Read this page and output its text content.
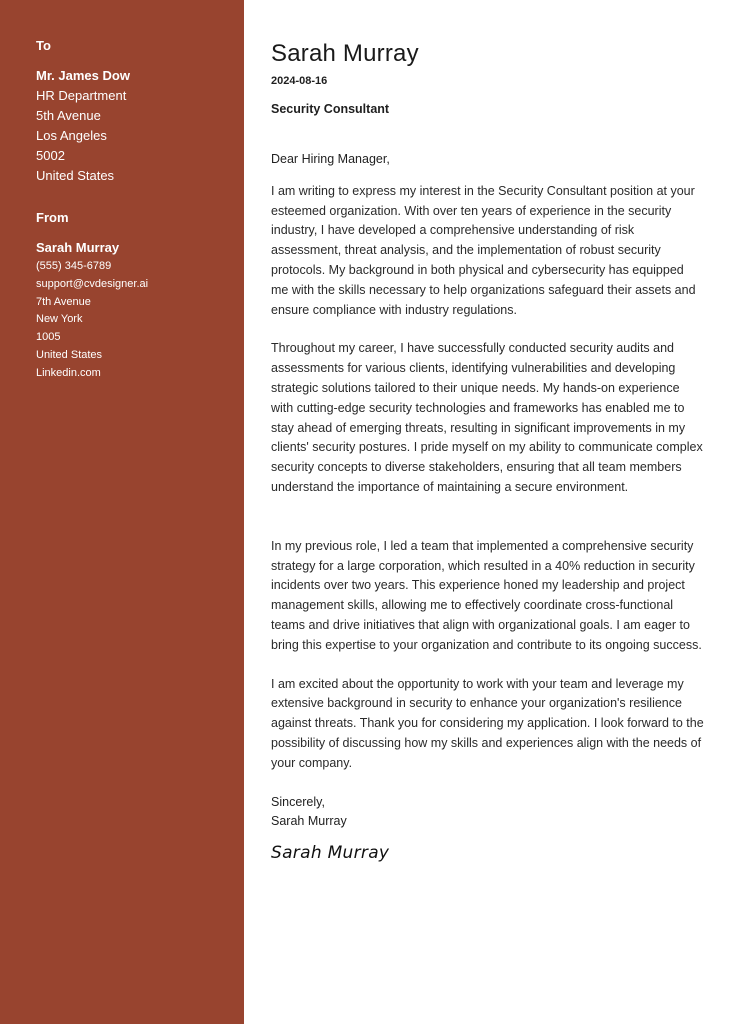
To
Mr. James Dow
HR Department
5th Avenue
Los Angeles
5002
United States
From
Sarah Murray
(555) 345-6789
support@cvdesigner.ai
7th Avenue
New York
1005
United States
Linkedin.com
Sarah Murray
2024-08-16
Security Consultant

Dear Hiring Manager,

I am writing to express my interest in the Security Consultant position at your esteemed organization. With over ten years of experience in the security industry, I have developed a comprehensive understanding of risk assessment, threat analysis, and the implementation of robust security protocols. My background in both physical and cybersecurity has equipped me with the skills necessary to help organizations safeguard their assets and ensure compliance with industry regulations.

Throughout my career, I have successfully conducted security audits and assessments for various clients, identifying vulnerabilities and developing strategic solutions tailored to their unique needs. My hands-on experience with cutting-edge security technologies and frameworks has enabled me to stay ahead of emerging threats, resulting in significant improvements in my clients' security postures. I pride myself on my ability to communicate complex security concepts to diverse stakeholders, ensuring that all team members understand the importance of maintaining a secure environment.

In my previous role, I led a team that implemented a comprehensive security strategy for a large corporation, which resulted in a 40% reduction in security incidents over two years. This experience honed my leadership and project management skills, allowing me to effectively coordinate cross-functional teams and drive initiatives that align with organizational goals. I am eager to bring this expertise to your organization and contribute to its ongoing success.

I am excited about the opportunity to work with your team and leverage my extensive background in security to enhance your organization's resilience against threats. Thank you for considering my application. I look forward to the possibility of discussing how my skills and experiences align with the needs of your company.

Sincerely,
Sarah Murray
Sarah Murray
